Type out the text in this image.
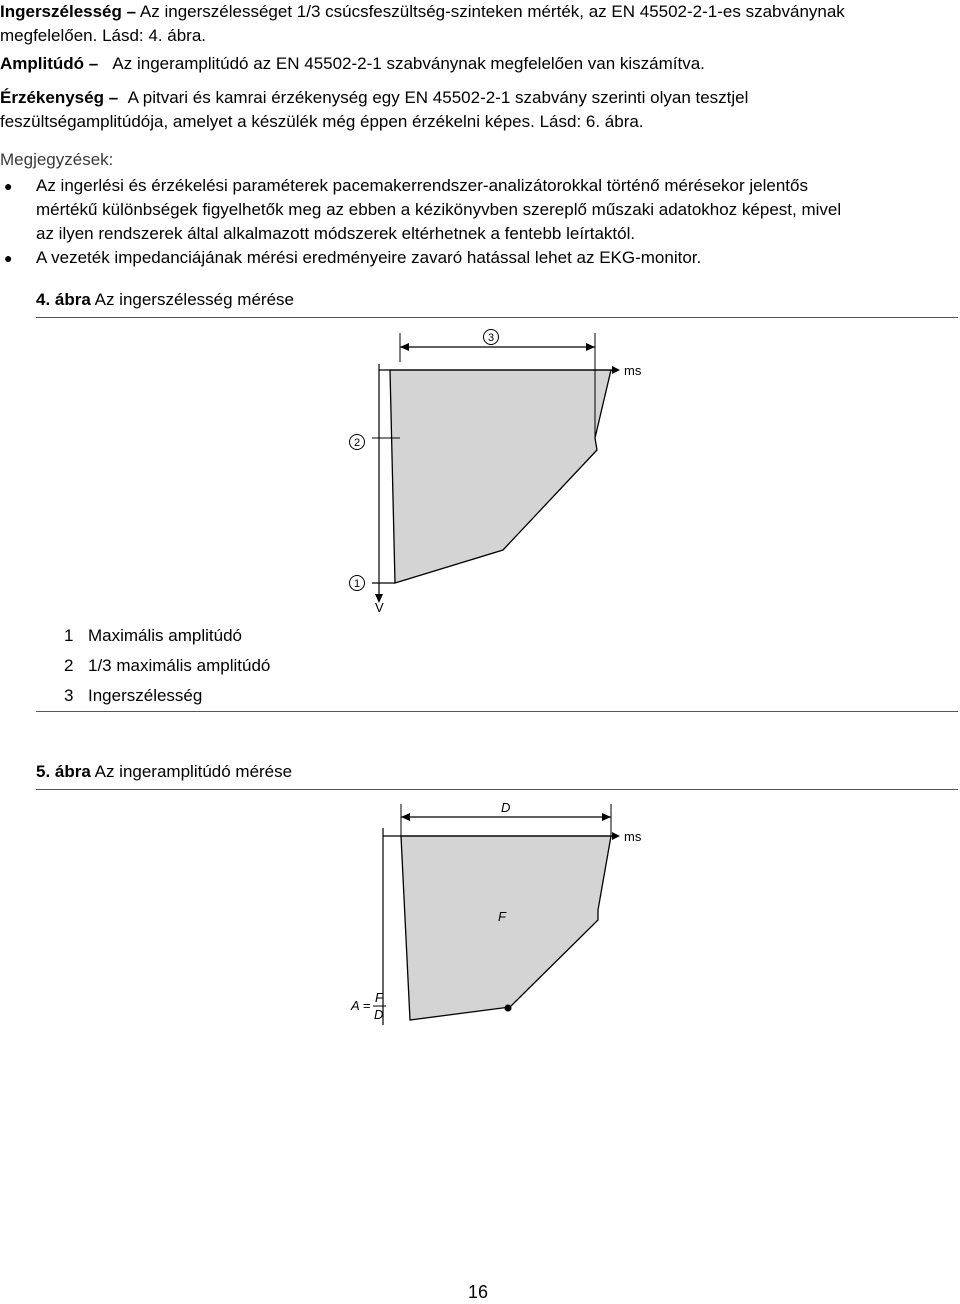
Ingerszélesség – Az ingerszélességet 1/3 csúcsfeszültség-szinteken mérték, az EN 45502-2-1-es szabványnak

megfelelően. Lásd: 4. ábra.

Amplitúdó – Az ingeramplitúdó az EN 45502-2-1 szabványnak megfelelően van kiszámítva.

Érzékenység – A pitvari és kamrai érzékenység egy EN 45502-2-1 szabvány szerinti olyan tesztjel

feszültségamplitúdója, amelyet a készülék még éppen érzékelni képes. Lásd: 6. ábra.

Megjegyzések:
● Az ingerlési és érzékelési paraméterek pacemakerrendszer-analizátorokkal történő mérésekor jelentős

mértékű különbségek figyelhetők meg az ebben a kézikönyvben szereplő műszaki adatokhoz képest, mivel

az ilyen rendszerek által alkalmazott módszerek eltérhetnek a fentebb leírtaktól.

● A vezeték impedanciájának mérési eredményeire zavaró hatással lehet az EKG-monitor.

4. ábra Az ingerszélesség mérése
3
2
1
ms
V
1 Maximális amplitúdó
2 1/3 maximális amplitúdó
3 Ingerszélesség
5. ábra Az ingeramplitúdó mérése
D
ms
F
A =
F
D
16
